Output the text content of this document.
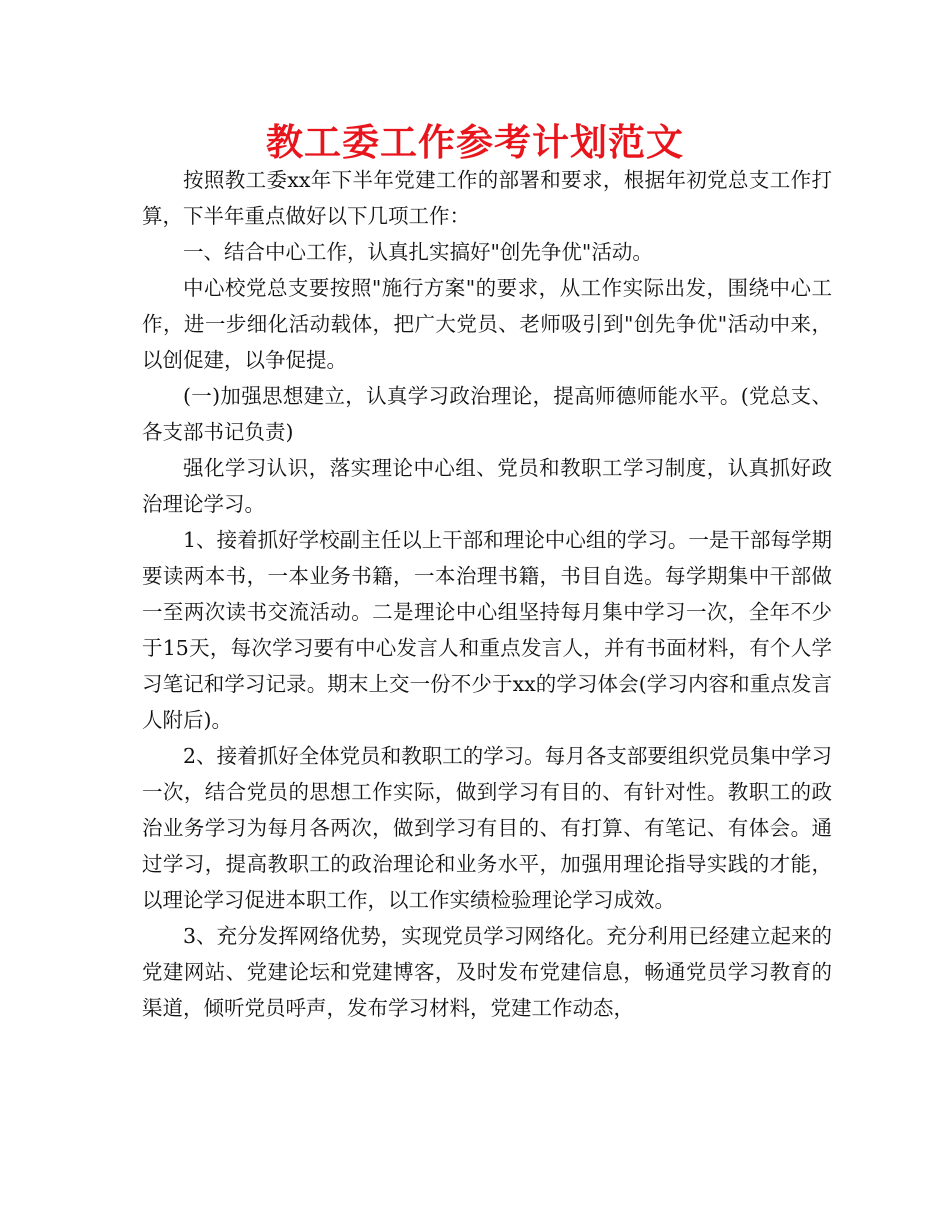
教工委工作参考计划范文

按照教工委xx年下半年党建工作的部署和要求，根据年初党总支工作打算，下半年重点做好以下几项工作：

一、结合中心工作，认真扎实搞好"创先争优"活动。

中心校党总支要按照"施行方案"的要求，从工作实际出发，围绕中心工作，进一步细化活动载体，把广大党员、老师吸引到"创先争优"活动中来，以创促建，以争促提。

(一)加强思想建立，认真学习政治理论，提高师德师能水平。(党总支、各支部书记负责)

强化学习认识，落实理论中心组、党员和教职工学习制度，认真抓好政治理论学习。

1、接着抓好学校副主任以上干部和理论中心组的学习。一是干部每学期要读两本书，一本业务书籍，一本治理书籍，书目自选。每学期集中干部做一至两次读书交流活动。二是理论中心组坚持每月集中学习一次，全年不少于15天，每次学习要有中心发言人和重点发言人，并有书面材料，有个人学习笔记和学习记录。期末上交一份不少于xx的学习体会(学习内容和重点发言人附后)。

2、接着抓好全体党员和教职工的学习。每月各支部要组织党员集中学习一次，结合党员的思想工作实际，做到学习有目的、有针对性。教职工的政治业务学习为每月各两次，做到学习有目的、有打算、有笔记、有体会。通过学习，提高教职工的政治理论和业务水平，加强用理论指导实践的才能，以理论学习促进本职工作，以工作实绩检验理论学习成效。

3、充分发挥网络优势，实现党员学习网络化。充分利用已经建立起来的党建网站、党建论坛和党建博客，及时发布党建信息，畅通党员学习教育的渠道，倾听党员呼声，发布学习材料，党建工作动态，
